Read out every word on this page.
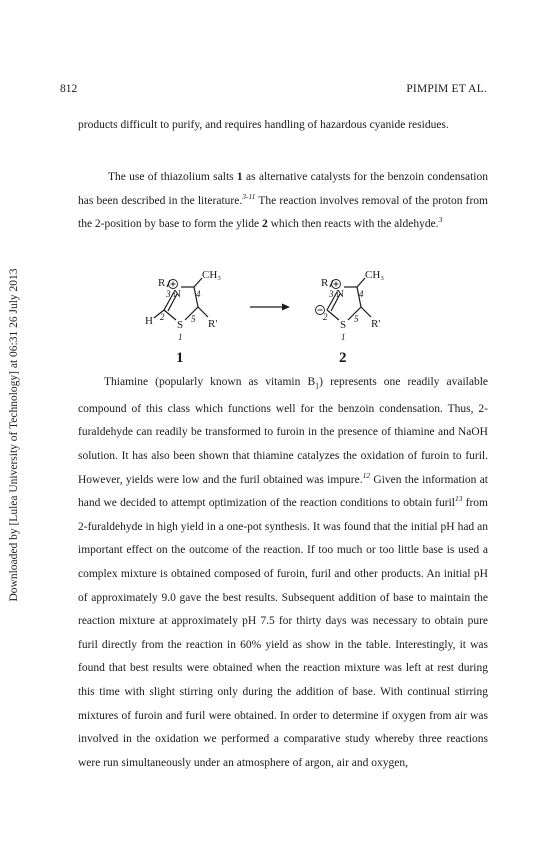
812	PIMPIM ET AL.
Downloaded by [Lulea University of Technology] at 06:31 26 July 2013
products difficult to purify, and requires handling of hazardous cyanide residues.
The use of thiazolium salts 1 as alternative catalysts for the benzoin condensation has been described in the literature.$^{3-11}$ The reaction involves removal of the proton from the 2-position by base to form the ylide 2 which then reacts with the aldehyde.$^3$
R
CH₃
3 N 4
H 2
S 5 R'
1
1
R
CH₃
3 N 4
2
S 5 R'
1
2
Thiamine (popularly known as vitamin $B_1$) represents one readily available compound of this class which functions well for the benzoin condensation. Thus, 2-furaldehyde can readily be transformed to furoin in the presence of thiamine and NaOH solution. It has also been shown that thiamine catalyzes the oxidation of furoin to furil. However, yields were low and the furil obtained was impure.$^{12}$ Given the information at hand we decided to attempt optimization of the reaction conditions to obtain furil$^{13}$ from 2-furaldehyde in high yield in a one-pot synthesis. It was found that the initial pH had an important effect on the outcome of the reaction. If too much or too little base is used a complex mixture is obtained composed of furoin, furil and other products. An initial pH of approximately 9.0 gave the best results. Subsequent addition of base to maintain the reaction mixture at approximately pH 7.5 for thirty days was necessary to obtain pure furil directly from the reaction in 60% yield as show in the table. Interestingly, it was found that best results were obtained when the reaction mixture was left at rest during this time with slight stirring only during the addition of base. With continual stirring mixtures of furoin and furil were obtained. In order to determine if oxygen from air was involved in the oxidation we performed a comparative study whereby three reactions were run simultaneously under an atmosphere of argon, air and oxygen,
